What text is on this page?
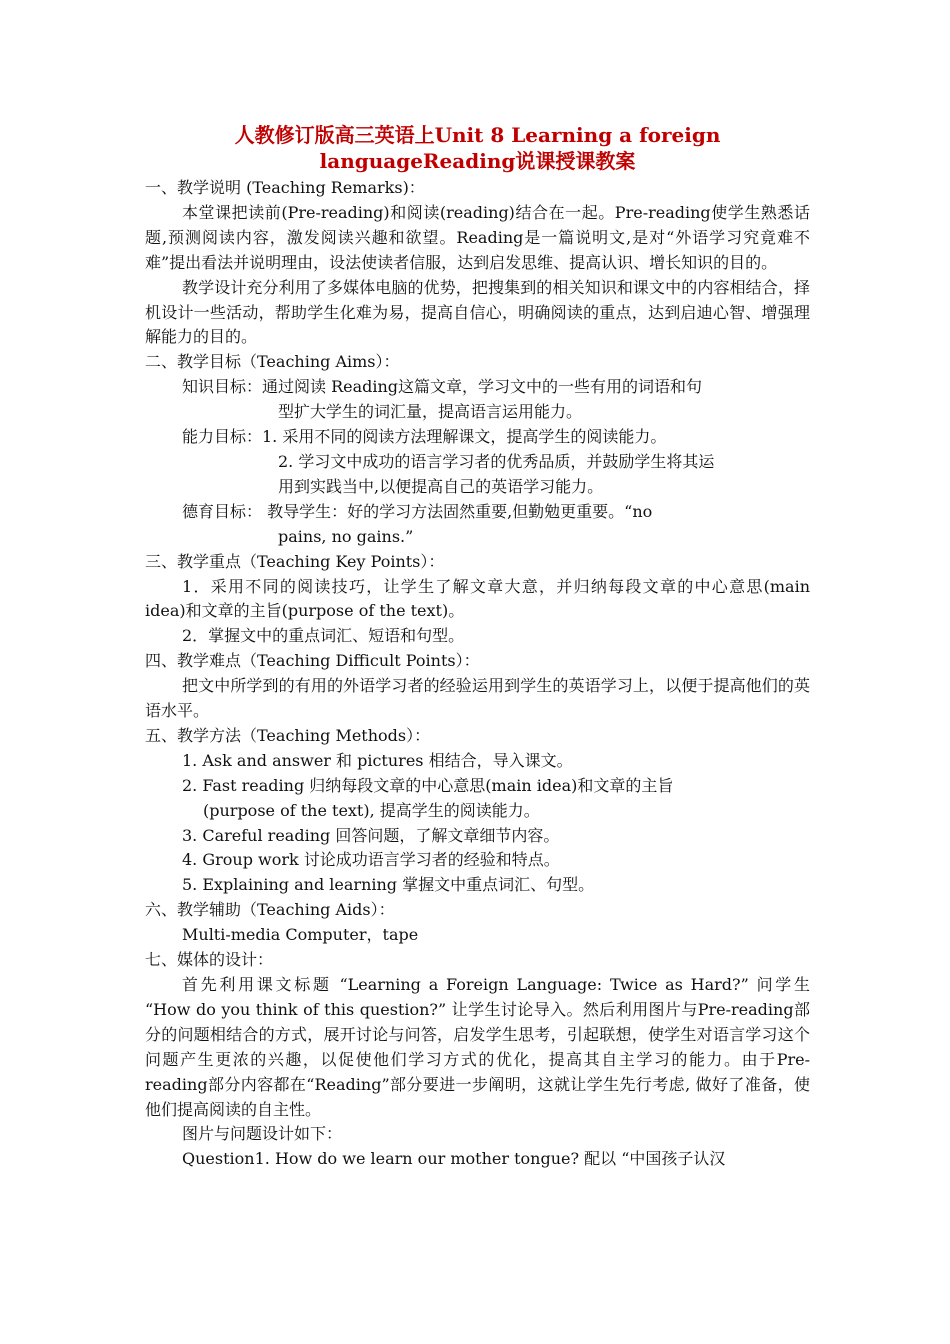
人教修订版高三英语上Unit 8 Learning a foreign
languageReading说课授课教案
一、教学说明 (Teaching Remarks)：

本堂课把读前(Pre-reading)和阅读(reading)结合在一起。Pre-reading使学生熟悉话题,预测阅读内容，激发阅读兴趣和欲望。Reading是一篇说明文,是对“外语学习究竟难不难”提出看法并说明理由，设法使读者信服，达到启发思维、提高认识、增长知识的目的。

教学设计充分利用了多媒体电脑的优势，把搜集到的相关知识和课文中的内容相结合，择机设计一些活动，帮助学生化难为易，提高自信心，明确阅读的重点，达到启迪心智、增强理解能力的目的。

二、教学目标（Teaching Aims）：
知识目标：通过阅读 Reading这篇文章，学习文中的一些有用的词语和句
型扩大学生的词汇量，提高语言运用能力。
能力目标：1. 采用不同的阅读方法理解课文，提高学生的阅读能力。
2. 学习文中成功的语言学习者的优秀品质，并鼓励学生将其运
用到实践当中,以便提高自己的英语学习能力。
德育目标： 教导学生：好的学习方法固然重要,但勤勉更重要。“no
pains, no gains.”
三、教学重点（Teaching Key Points）：

1．采用不同的阅读技巧，让学生了解文章大意，并归纳每段文章的中心意思(main idea)和文章的主旨(purpose of the text)。

2．掌握文中的重点词汇、短语和句型。
四、教学难点（Teaching Difficult Points）：

把文中所学到的有用的外语学习者的经验运用到学生的英语学习上，以便于提高他们的英语水平。

五、教学方法（Teaching Methods）：
1. Ask and answer 和 pictures 相结合，导入课文。
2. Fast reading 归纳每段文章的中心意思(main idea)和文章的主旨
(purpose of the text), 提高学生的阅读能力。
3. Careful reading 回答问题，了解文章细节内容。
4. Group work 讨论成功语言学习者的经验和特点。
5. Explaining and learning 掌握文中重点词汇、句型。
六、教学辅助（Teaching Aids）：
Multi-media Computer，tape
七、媒体的设计：

首先利用课文标题 “Learning a Foreign Language: Twice as Hard?” 问学生 “How do you think of this question?” 让学生讨论导入。然后利用图片与Pre-reading部分的问题相结合的方式，展开讨论与问答，启发学生思考，引起联想，使学生对语言学习这个问题产生更浓的兴趣，以促使他们学习方式的优化，提高其自主学习的能力。由于Pre-reading部分内容都在“Reading”部分要进一步阐明，这就让学生先行考虑, 做好了准备，使他们提高阅读的自主性。

图片与问题设计如下：
Question1. How do we learn our mother tongue? 配以 “中国孩子认汉
